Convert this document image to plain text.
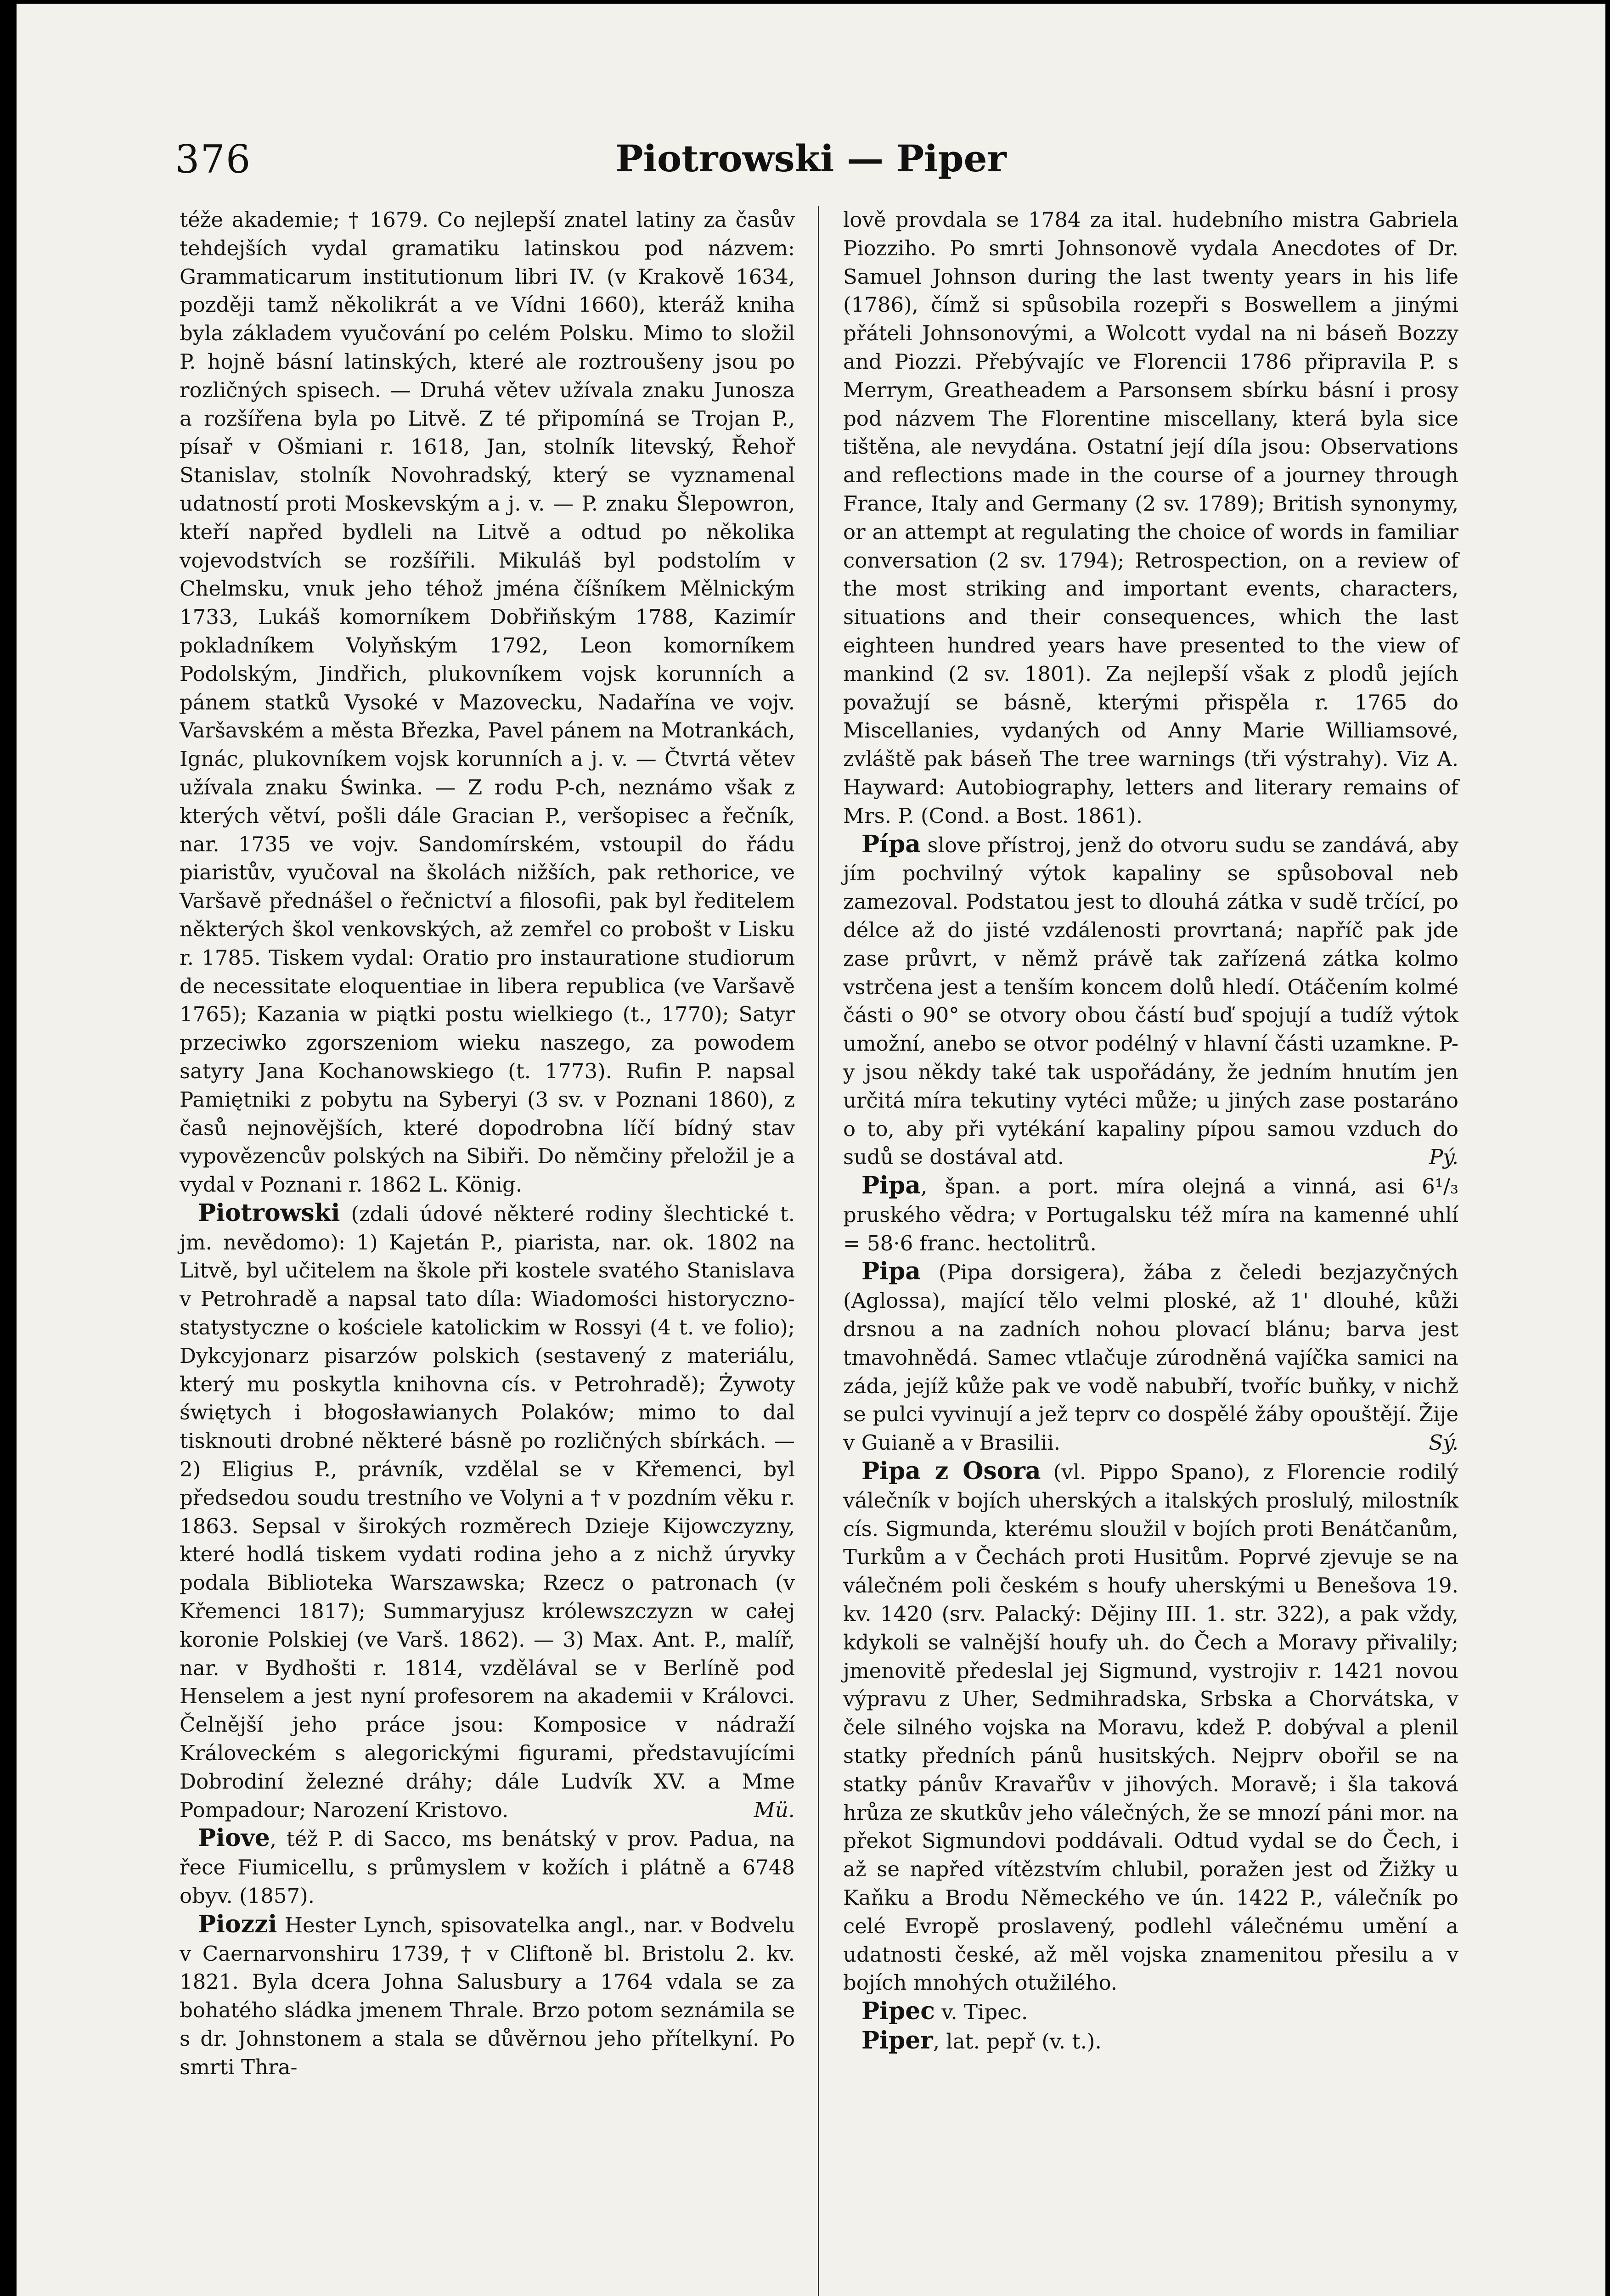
376	Piotrowski — Piper

téže akademie; † 1679. Co nejlepší znatel latiny za časův tehdejších vydal gramatiku latinskou pod názvem: Grammaticarum institutionum libri IV. (v Krakově 1634, později tamž několikrát a ve Vídni 1660), kteráž kniha byla základem vyučování po celém Polsku. Mimo to složil P. hojně básní latinských, které ale roztroušeny jsou po rozličných spisech. — Druhá větev užívala znaku Junosza a rozšířena byla po Litvě. Z té připomíná se Trojan P., písař v Ošmiani r. 1618, Jan, stolník litevský, Řehoř Stanislav, stolník Novohradský, který se vyznamenal udatností proti Moskevským a j. v. — P. znaku Šlepowron, kteří napřed bydleli na Litvě a odtud po několika vojevodstvích se rozšířili. Mikuláš byl podstolím v Chelmsku, vnuk jeho téhož jména číšníkem Mělnickým 1733, Lukáš komorníkem Dobřiňským 1788, Kazimír pokladníkem Volyňským 1792, Leon komorníkem Podolským, Jindřich, plukovníkem vojsk korunních a pánem statků Vysoké v Mazovecku, Nadařína ve vojv. Varšavském a města Březka, Pavel pánem na Motrankách, Ignác, plukovníkem vojsk korunních a j. v. — Čtvrtá větev užívala znaku Świnka. — Z rodu P-ch, neznámo však z kterých větví, pošli dále Gracian P., veršopisec a řečník, nar. 1735 ve vojv. Sandomírském, vstoupil do řádu piaristův, vyučoval na školách nižších, pak rethorice, ve Varšavě přednášel o řečnictví a filosofii, pak byl ředitelem některých škol venkovských, až zemřel co probošt v Lisku r. 1785. Tiskem vydal: Oratio pro instauratione studiorum de necessitate eloquentiae in libera republica (ve Varšavě 1765); Kazania w piątki postu wielkiego (t., 1770); Satyr przeciwko zgorszeniom wieku naszego, za powodem satyry Jana Kochanowskiego (t. 1773). Rufin P. napsal Pamiętniki z pobytu na Syberyi (3 sv. v Poznani 1860), z časů nejnovějších, které dopodrobna líčí bídný stav vypovězencův polských na Sibiři. Do němčiny přeložil je a vydal v Poznani r. 1862 L. König.

Piotrowski (zdali údové některé rodiny šlechtické t. jm. nevědomo): 1) Kajetán P., piarista, nar. ok. 1802 na Litvě, byl učitelem na škole při kostele svatého Stanislava v Petrohradě a napsal tato díla: Wiadomości historyczno-statystyczne o kościele katolickim w Rossyi (4 t. ve folio); Dykcyjonarz pisarzów polskich (sestavený z materiálu, který mu poskytla knihovna cís. v Petrohradě); Żywoty świętych i błogosławianych Polaków; mimo to dal tisknouti drobné některé básně po rozličných sbírkách. — 2) Eligius P., právník, vzdělal se v Křemenci, byl předsedou soudu trestního ve Volyni a † v pozdním věku r. 1863. Sepsal v širokých rozměrech Dzieje Kijowczyzny, které hodlá tiskem vydati rodina jeho a z nichž úryvky podala Biblioteka Warszawska; Rzecz o patronach (v Křemenci 1817); Summaryjusz królewszczyzn w całej koronie Polskiej (ve Varš. 1862). — 3) Max. Ant. P., malíř, nar. v Bydhošti r. 1814, vzdělával se v Berlíně pod Henselem a jest nyní profesorem na akademii v Královci. Čelnější jeho práce jsou: Komposice v nádraží Královeckém s alegorickými figurami, představujícími Dobrodiní železné dráhy; dále Ludvík XV. a Mme Pompadour; Narození Kristovo.	Mü.

Piove, též P. di Sacco, ms benátský v prov. Padua, na řece Fiumicellu, s průmyslem v kožích i plátně a 6748 obyv. (1857).

Piozzi Hester Lynch, spisovatelka angl., nar. v Bodvelu v Caernarvonshiru 1739, † v Cliftoně bl. Bristolu 2. kv. 1821. Byla dcera Johna Salusbury a 1764 vdala se za bohatého sládka jmenem Thrale. Brzo potom seznámila se s dr. Johnstonem a stala se důvěrnou jeho přítelkyní. Po smrti Thra-

lově provdala se 1784 za ital. hudebního mistra Gabriela Piozziho. Po smrti Johnsonově vydala Anecdotes of Dr. Samuel Johnson during the last twenty years in his life (1786), čímž si spůsobila rozepři s Boswellem a jinými přáteli Johnsonovými, a Wolcott vydal na ni báseň Bozzy and Piozzi. Přebývajíc ve Florencii 1786 připravila P. s Merrym, Greatheadem a Parsonsem sbírku básní i prosy pod názvem The Florentine miscellany, která byla sice tištěna, ale nevydána. Ostatní její díla jsou: Observations and reflections made in the course of a journey through France, Italy and Germany (2 sv. 1789); British synonymy, or an attempt at regulating the choice of words in familiar conversation (2 sv. 1794); Retrospection, on a review of the most striking and important events, characters, situations and their consequences, which the last eighteen hundred years have presented to the view of mankind (2 sv. 1801). Za nejlepší však z plodů jejích považují se básně, kterými přispěla r. 1765 do Miscellanies, vydaných od Anny Marie Williamsové, zvláště pak báseň The tree warnings (tři výstrahy). Viz A. Hayward: Autobiography, letters and literary remains of Mrs. P. (Cond. a Bost. 1861).

Pípa slove přístroj, jenž do otvoru sudu se zandává, aby jím pochvilný výtok kapaliny se spůsoboval neb zamezoval. Podstatou jest to dlouhá zátka v sudě trčící, po délce až do jisté vzdálenosti provrtaná; napříč pak jde zase průvrt, v němž právě tak zařízená zátka kolmo vstrčena jest a tenším koncem dolů hledí. Otáčením kolmé části o 90° se otvory obou částí buď spojují a tudíž výtok umožní, anebo se otvor podélný v hlavní části uzamkne. P-y jsou někdy také tak uspořádány, že jedním hnutím jen určitá míra tekutiny vytéci může; u jiných zase postaráno o to, aby při vytékání kapaliny pípou samou vzduch do sudů se dostával atd.	Pý.

Pipa, špan. a port. míra olejná a vinná, asi 6¹/₃ pruského vědra; v Portugalsku též míra na kamenné uhlí = 58·6 franc. hectolitrů.

Pipa (Pipa dorsigera), žába z čeledi bezjazyčných (Aglossa), mající tělo velmi ploské, až 1' dlouhé, kůži drsnou a na zadních nohou plovací blánu; barva jest tmavohnědá. Samec vtlačuje zúrodněná vajíčka samici na záda, jejíž kůže pak ve vodě nabubří, tvoříc buňky, v nichž se pulci vyvinují a jež teprv co dospělé žáby opouštějí. Žije v Guianě a v Brasilii.	Sý.

Pipa z Osora (vl. Pippo Spano), z Florencie rodilý válečník v bojích uherských a italských proslulý, milostník cís. Sigmunda, kterému sloužil v bojích proti Benátčanům, Turkům a v Čechách proti Husitům. Poprvé zjevuje se na válečném poli českém s houfy uherskými u Benešova 19. kv. 1420 (srv. Palacký: Dějiny III. 1. str. 322), a pak vždy, kdykoli se valnější houfy uh. do Čech a Moravy přivalily; jmenovitě předeslal jej Sigmund, vystrojiv r. 1421 novou výpravu z Uher, Sedmihradska, Srbska a Chorvátska, v čele silného vojska na Moravu, kdež P. dobýval a plenil statky předních pánů husitských. Nejprv obořil se na statky pánův Kravařův v jihových. Moravě; i šla taková hrůza ze skutkův jeho válečných, že se mnozí páni mor. na překot Sigmundovi poddávali. Odtud vydal se do Čech, i až se napřed vítězstvím chlubil, poražen jest od Žižky u Kaňku a Brodu Německého ve ún. 1422 P., válečník po celé Evropě proslavený, podlehl válečnému umění a udatnosti české, až měl vojska znamenitou přesilu a v bojích mnohých otužilého.

Pipec v. Tipec.

Piper, lat. pepř (v. t.).
